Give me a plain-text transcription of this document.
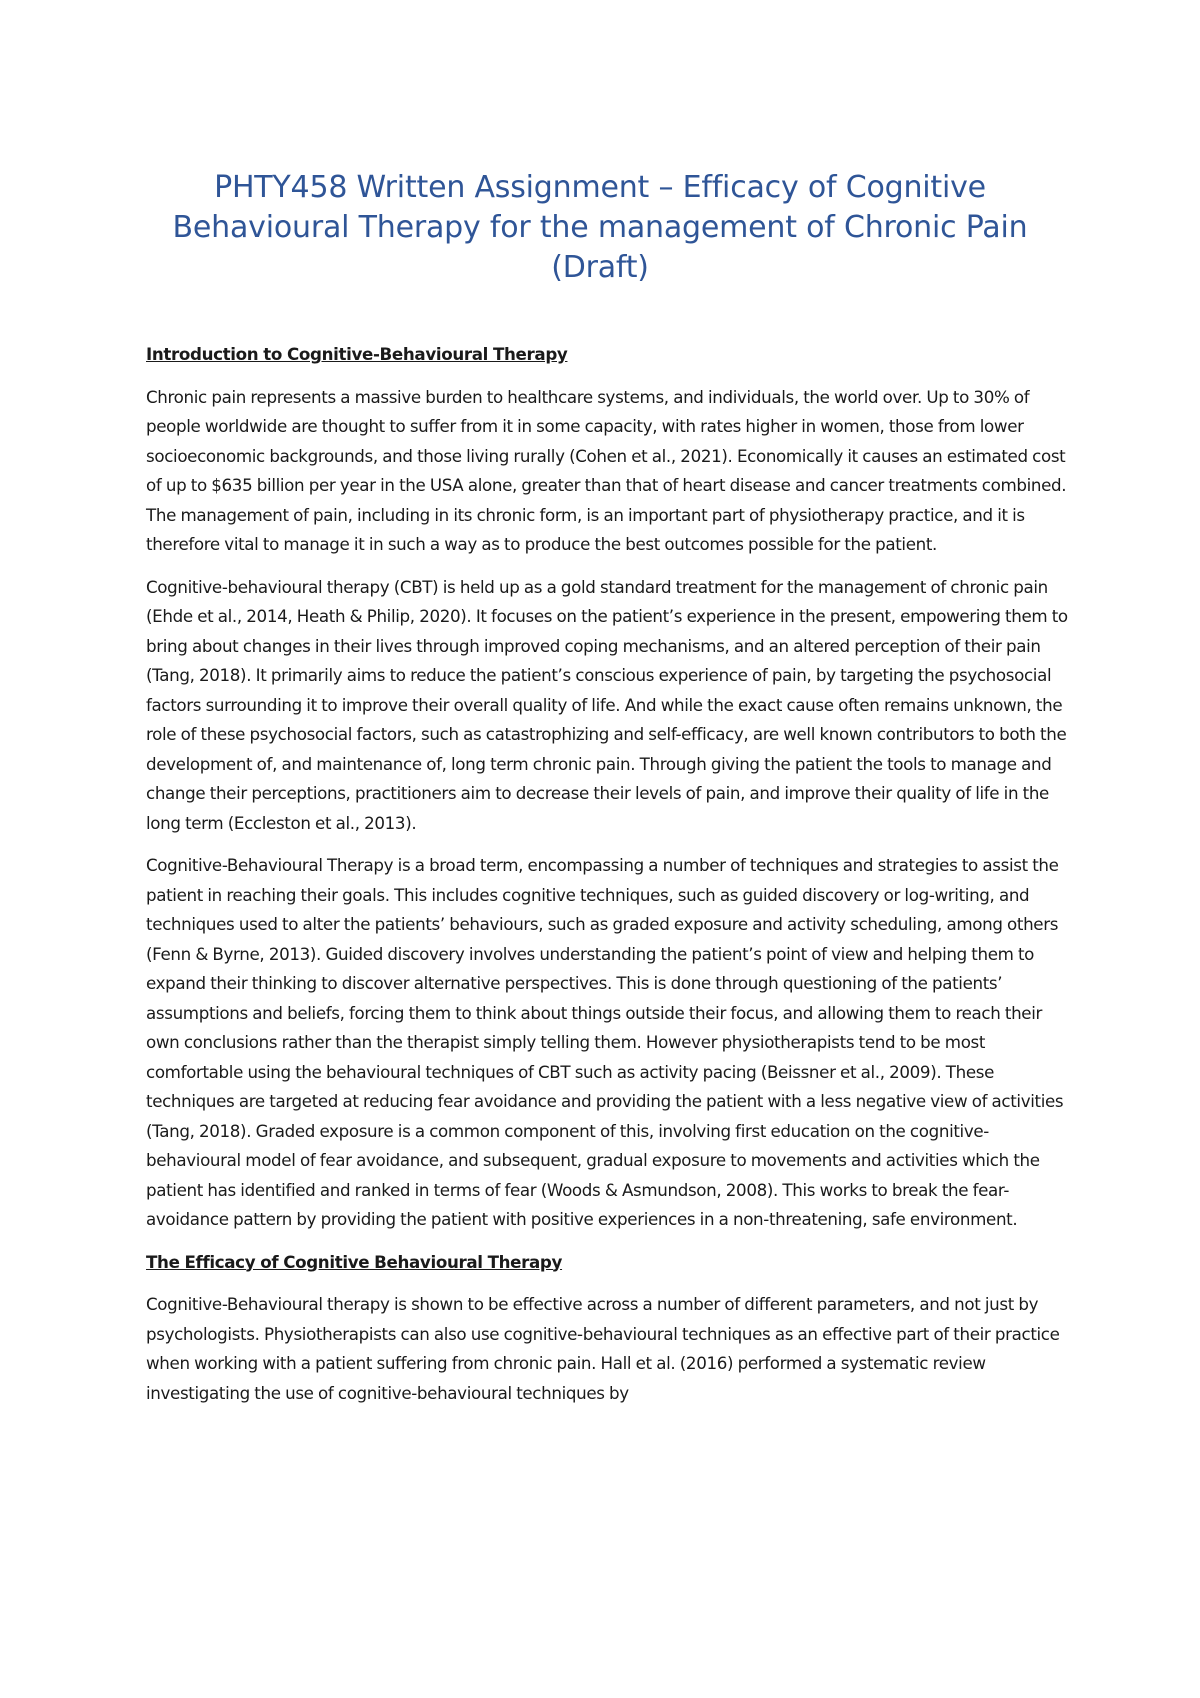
PHTY458 Written Assignment – Efficacy of Cognitive Behavioural Therapy for the management of Chronic Pain (Draft)
Introduction to Cognitive-Behavioural Therapy

Chronic pain represents a massive burden to healthcare systems, and individuals, the world over. Up to 30% of people worldwide are thought to suffer from it in some capacity, with rates higher in women, those from lower socioeconomic backgrounds, and those living rurally (Cohen et al., 2021). Economically it causes an estimated cost of up to $635 billion per year in the USA alone, greater than that of heart disease and cancer treatments combined. The management of pain, including in its chronic form, is an important part of physiotherapy practice, and it is therefore vital to manage it in such a way as to produce the best outcomes possible for the patient.

Cognitive-behavioural therapy (CBT) is held up as a gold standard treatment for the management of chronic pain (Ehde et al., 2014, Heath & Philip, 2020). It focuses on the patient’s experience in the present, empowering them to bring about changes in their lives through improved coping mechanisms, and an altered perception of their pain (Tang, 2018). It primarily aims to reduce the patient’s conscious experience of pain, by targeting the psychosocial factors surrounding it to improve their overall quality of life. And while the exact cause often remains unknown, the role of these psychosocial factors, such as catastrophizing and self-efficacy, are well known contributors to both the development of, and maintenance of, long term chronic pain. Through giving the patient the tools to manage and change their perceptions, practitioners aim to decrease their levels of pain, and improve their quality of life in the long term (Eccleston et al., 2013).

Cognitive-Behavioural Therapy is a broad term, encompassing a number of techniques and strategies to assist the patient in reaching their goals. This includes cognitive techniques, such as guided discovery or log-writing, and techniques used to alter the patients’ behaviours, such as graded exposure and activity scheduling, among others (Fenn & Byrne, 2013). Guided discovery involves understanding the patient’s point of view and helping them to expand their thinking to discover alternative perspectives. This is done through questioning of the patients’ assumptions and beliefs, forcing them to think about things outside their focus, and allowing them to reach their own conclusions rather than the therapist simply telling them. However physiotherapists tend to be most comfortable using the behavioural techniques of CBT such as activity pacing (Beissner et al., 2009). These techniques are targeted at reducing fear avoidance and providing the patient with a less negative view of activities (Tang, 2018). Graded exposure is a common component of this, involving first education on the cognitive-behavioural model of fear avoidance, and subsequent, gradual exposure to movements and activities which the patient has identified and ranked in terms of fear (Woods & Asmundson, 2008). This works to break the fear-avoidance pattern by providing the patient with positive experiences in a non-threatening, safe environment.

The Efficacy of Cognitive Behavioural Therapy

Cognitive-Behavioural therapy is shown to be effective across a number of different parameters, and not just by psychologists. Physiotherapists can also use cognitive-behavioural techniques as an effective part of their practice when working with a patient suffering from chronic pain. Hall et al. (2016) performed a systematic review investigating the use of cognitive-behavioural techniques by
